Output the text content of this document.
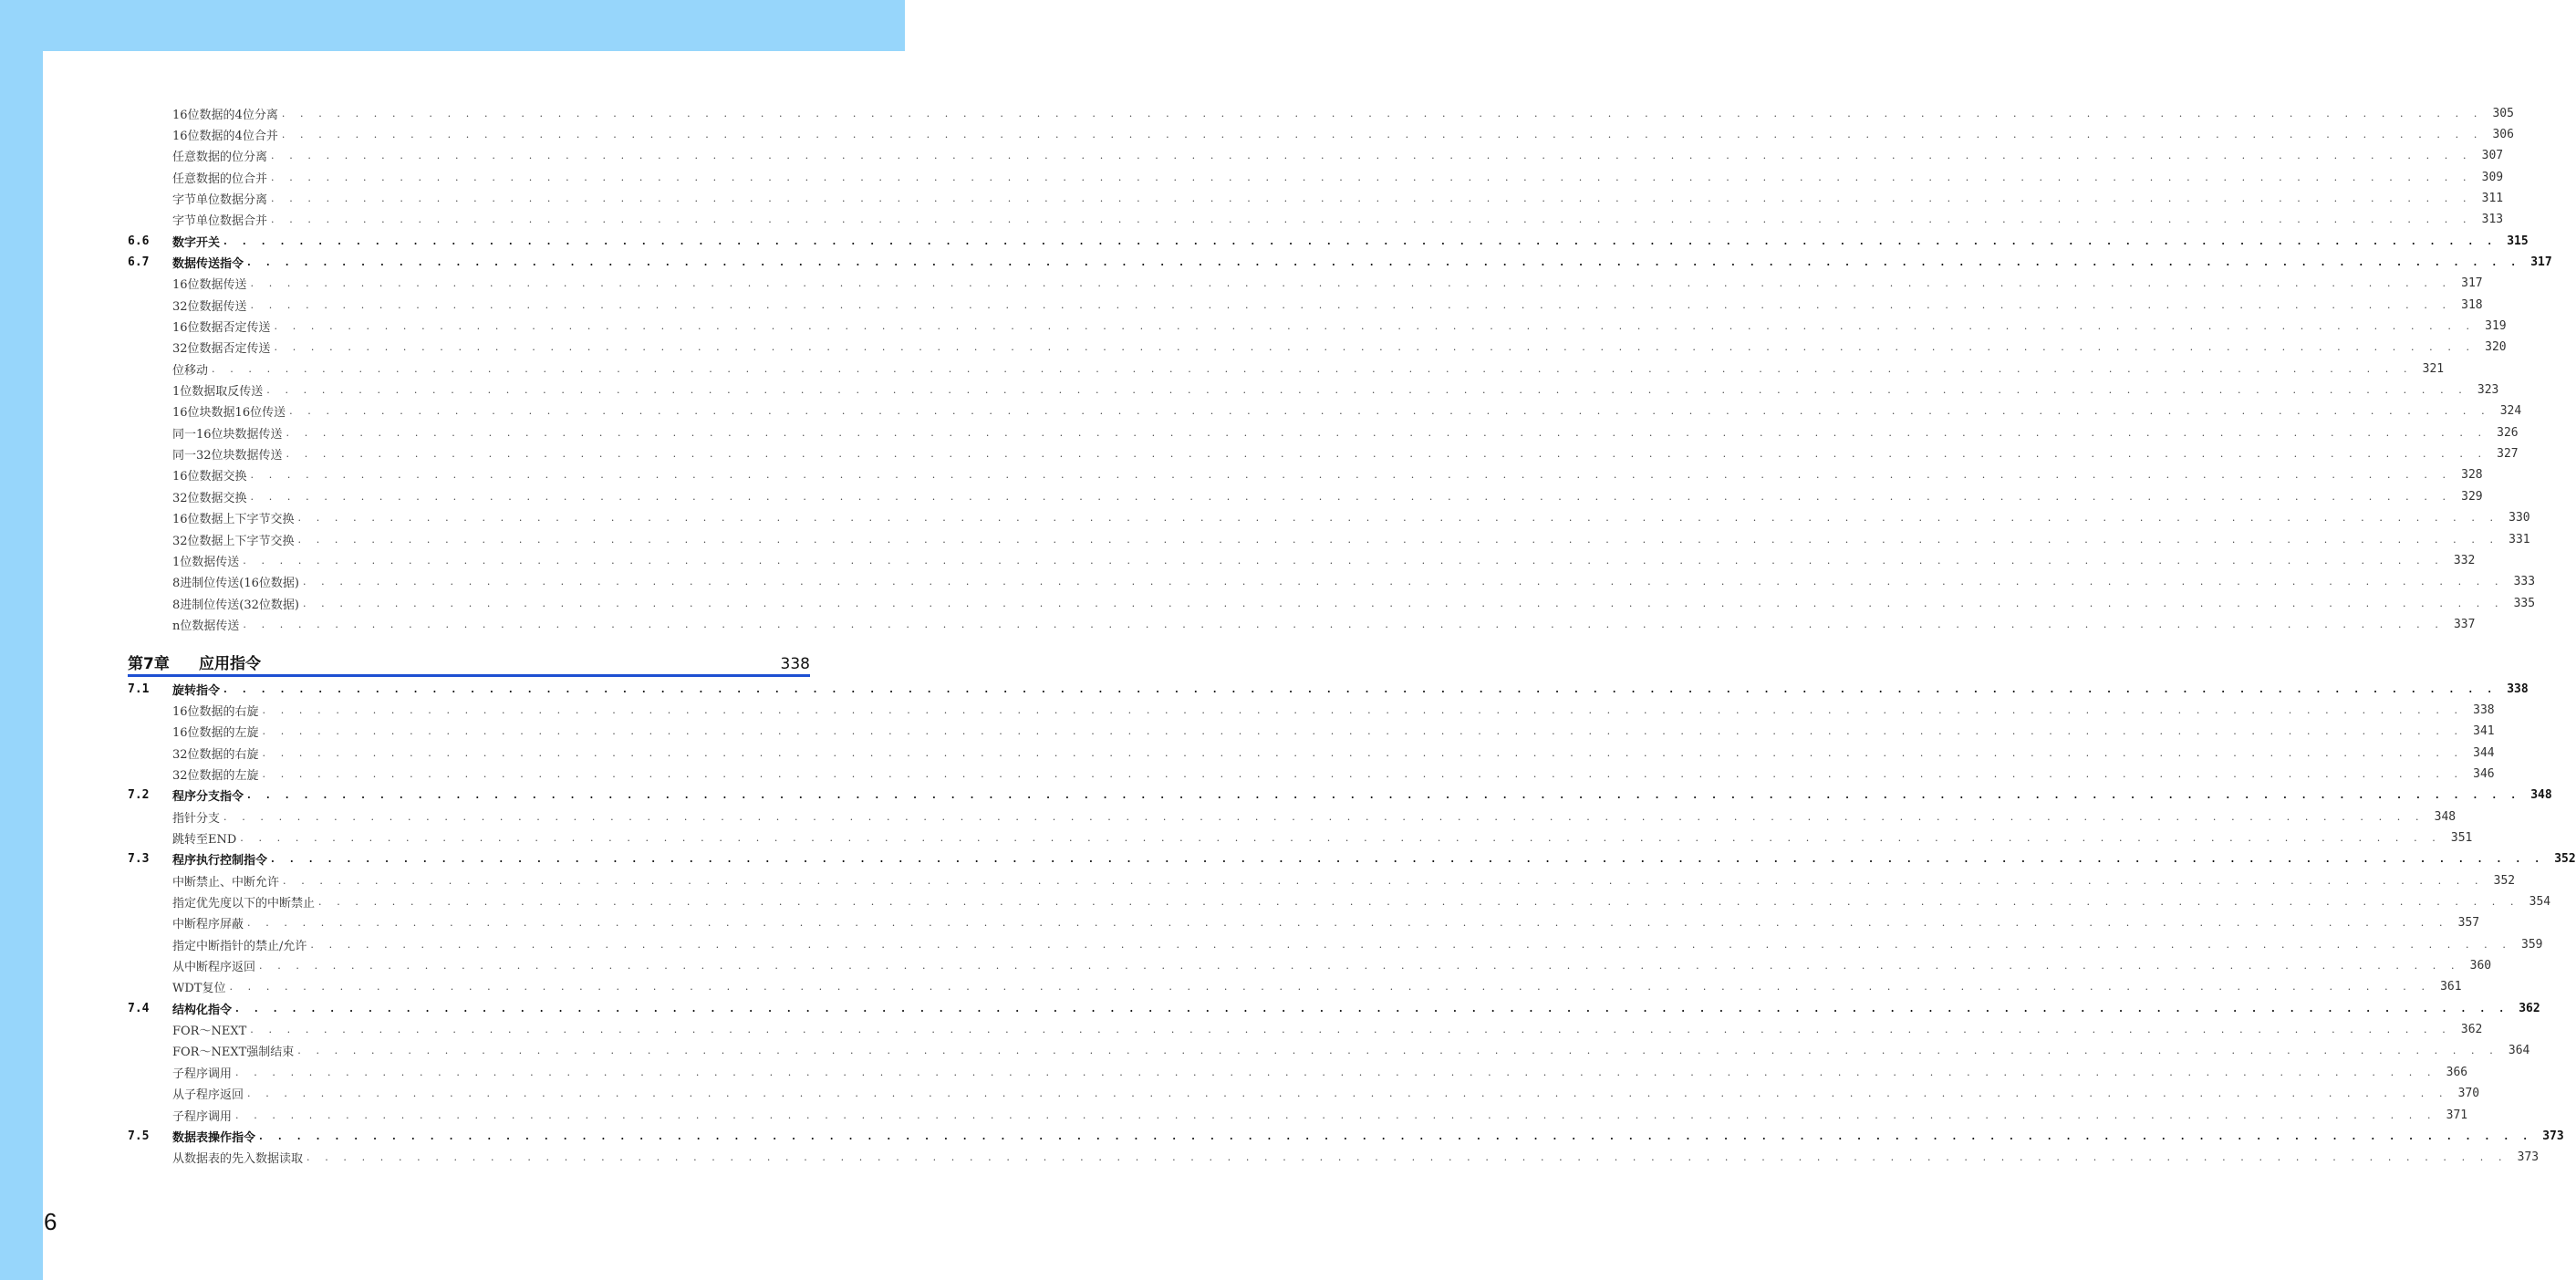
16位数据的4位分离 . . . . . . . . . . . . . . . . . . . . . . . . . . . . . . . . . . . . . . . . . . . . . . . . . . . . . . . . . . . . . . . . . . . . . . . . . . . . . . . . . . . . . . . . . . . . . . . . . . . . . . . . . . . . . . . . . . . . . . . . 305
16位数据的4位合并 . . . . . . . . . . . . . . . . . . . . . . . . . . . . . . . . . . . . . . . . . . . . . . . . . . . . . . . . . . . . . . . . . . . . . . . . . . . . . . . . . . . . . . . . . . . . . . . . . . . . . . . . . . . . . . . . . . . . . . . . 306
任意数据的位分离 . . . . . . . . . . . . . . . . . . . . . . . . . . . . . . . . . . . . . . . . . . . . . . . . . . . . . . . . . . . . . . . . . . . . . . . . . . . . . . . . . . . . . . . . . . . . . . . . . . . . . . . . . . . . . . . . . . . . . . . . 307
任意数据的位合并 . . . . . . . . . . . . . . . . . . . . . . . . . . . . . . . . . . . . . . . . . . . . . . . . . . . . . . . . . . . . . . . . . . . . . . . . . . . . . . . . . . . . . . . . . . . . . . . . . . . . . . . . . . . . . . . . . . . . . . . . 309
字节单位数据分离 . . . . . . . . . . . . . . . . . . . . . . . . . . . . . . . . . . . . . . . . . . . . . . . . . . . . . . . . . . . . . . . . . . . . . . . . . . . . . . . . . . . . . . . . . . . . . . . . . . . . . . . . . . . . . . . . . . . . . . . . 311
字节单位数据合并 . . . . . . . . . . . . . . . . . . . . . . . . . . . . . . . . . . . . . . . . . . . . . . . . . . . . . . . . . . . . . . . . . . . . . . . . . . . . . . . . . . . . . . . . . . . . . . . . . . . . . . . . . . . . . . . . . . . . . . . . 313
6.6	数字开关 . . . . . . . . . . . . . . . . . . . . . . . . . . . . . . . . . . . . . . . . . . . . . . . . . . . . . . . . . . . . . . . . . . . . . . . . . . . . . . . . . . . . . . . . . . . . . . . . . . . . . . . . . . . . . . . . . . . . . . . . 315
6.7	数据传送指令 . . . . . . . . . . . . . . . . . . . . . . . . . . . . . . . . . . . . . . . . . . . . . . . . . . . . . . . . . . . . . . . . . . . . . . . . . . . . . . . . . . . . . . . . . . . . . . . . . . . . . . . . . . . . . . . . . . . . . . . . 317
16位数据传送 . . . . . . . . . . . . . . . . . . . . . . . . . . . . . . . . . . . . . . . . . . . . . . . . . . . . . . . . . . . . . . . . . . . . . . . . . . . . . . . . . . . . . . . . . . . . . . . . . . . . . . . . . . . . . . . . . . . . . . . . 317
32位数据传送 . . . . . . . . . . . . . . . . . . . . . . . . . . . . . . . . . . . . . . . . . . . . . . . . . . . . . . . . . . . . . . . . . . . . . . . . . . . . . . . . . . . . . . . . . . . . . . . . . . . . . . . . . . . . . . . . . . . . . . . . 318
16位数据否定传送 . . . . . . . . . . . . . . . . . . . . . . . . . . . . . . . . . . . . . . . . . . . . . . . . . . . . . . . . . . . . . . . . . . . . . . . . . . . . . . . . . . . . . . . . . . . . . . . . . . . . . . . . . . . . . . . . . . . . . . . . 319
32位数据否定传送 . . . . . . . . . . . . . . . . . . . . . . . . . . . . . . . . . . . . . . . . . . . . . . . . . . . . . . . . . . . . . . . . . . . . . . . . . . . . . . . . . . . . . . . . . . . . . . . . . . . . . . . . . . . . . . . . . . . . . . . . 320
位移动 . . . . . . . . . . . . . . . . . . . . . . . . . . . . . . . . . . . . . . . . . . . . . . . . . . . . . . . . . . . . . . . . . . . . . . . . . . . . . . . . . . . . . . . . . . . . . . . . . . . . . . . . . . . . . . . . . . . . . . . . 321
1位数据取反传送 . . . . . . . . . . . . . . . . . . . . . . . . . . . . . . . . . . . . . . . . . . . . . . . . . . . . . . . . . . . . . . . . . . . . . . . . . . . . . . . . . . . . . . . . . . . . . . . . . . . . . . . . . . . . . . . . . . . . . . . . 323
16位块数据16位传送 . . . . . . . . . . . . . . . . . . . . . . . . . . . . . . . . . . . . . . . . . . . . . . . . . . . . . . . . . . . . . . . . . . . . . . . . . . . . . . . . . . . . . . . . . . . . . . . . . . . . . . . . . . . . . . . . . . . . . . . . 324
同一16位块数据传送 . . . . . . . . . . . . . . . . . . . . . . . . . . . . . . . . . . . . . . . . . . . . . . . . . . . . . . . . . . . . . . . . . . . . . . . . . . . . . . . . . . . . . . . . . . . . . . . . . . . . . . . . . . . . . . . . . . . . . . . . 326
同一32位块数据传送 . . . . . . . . . . . . . . . . . . . . . . . . . . . . . . . . . . . . . . . . . . . . . . . . . . . . . . . . . . . . . . . . . . . . . . . . . . . . . . . . . . . . . . . . . . . . . . . . . . . . . . . . . . . . . . . . . . . . . . . . 327
16位数据交换 . . . . . . . . . . . . . . . . . . . . . . . . . . . . . . . . . . . . . . . . . . . . . . . . . . . . . . . . . . . . . . . . . . . . . . . . . . . . . . . . . . . . . . . . . . . . . . . . . . . . . . . . . . . . . . . . . . . . . . . . 328
32位数据交换 . . . . . . . . . . . . . . . . . . . . . . . . . . . . . . . . . . . . . . . . . . . . . . . . . . . . . . . . . . . . . . . . . . . . . . . . . . . . . . . . . . . . . . . . . . . . . . . . . . . . . . . . . . . . . . . . . . . . . . . . 329
16位数据上下字节交换 . . . . . . . . . . . . . . . . . . . . . . . . . . . . . . . . . . . . . . . . . . . . . . . . . . . . . . . . . . . . . . . . . . . . . . . . . . . . . . . . . . . . . . . . . . . . . . . . . . . . . . . . . . . . . . . . . . . . . . . . 330
32位数据上下字节交换 . . . . . . . . . . . . . . . . . . . . . . . . . . . . . . . . . . . . . . . . . . . . . . . . . . . . . . . . . . . . . . . . . . . . . . . . . . . . . . . . . . . . . . . . . . . . . . . . . . . . . . . . . . . . . . . . . . . . . . . . 331
1位数据传送 . . . . . . . . . . . . . . . . . . . . . . . . . . . . . . . . . . . . . . . . . . . . . . . . . . . . . . . . . . . . . . . . . . . . . . . . . . . . . . . . . . . . . . . . . . . . . . . . . . . . . . . . . . . . . . . . . . . . . . . . 332
8进制位传送(16位数据) . . . . . . . . . . . . . . . . . . . . . . . . . . . . . . . . . . . . . . . . . . . . . . . . . . . . . . . . . . . . . . . . . . . . . . . . . . . . . . . . . . . . . . . . . . . . . . . . . . . . . . . . . . . . . . . . . . . . . . . . 333
8进制位传送(32位数据) . . . . . . . . . . . . . . . . . . . . . . . . . . . . . . . . . . . . . . . . . . . . . . . . . . . . . . . . . . . . . . . . . . . . . . . . . . . . . . . . . . . . . . . . . . . . . . . . . . . . . . . . . . . . . . . . . . . . . . . . 335
n位数据传送 . . . . . . . . . . . . . . . . . . . . . . . . . . . . . . . . . . . . . . . . . . . . . . . . . . . . . . . . . . . . . . . . . . . . . . . . . . . . . . . . . . . . . . . . . . . . . . . . . . . . . . . . . . . . . . . . . . . . . . . . 337
第7章	应用指令	338
7.1	旋转指令 . . . . . . . . . . . . . . . . . . . . . . . . . . . . . . . . . . . . . . . . . . . . . . . . . . . . . . . . . . . . . . . . . . . . . . . . . . . . . . . . . . . . . . . . . . . . . . . . . . . . . . . . . . . . . . . . . . . . . . . . 338
16位数据的右旋 . . . . . . . . . . . . . . . . . . . . . . . . . . . . . . . . . . . . . . . . . . . . . . . . . . . . . . . . . . . . . . . . . . . . . . . . . . . . . . . . . . . . . . . . . . . . . . . . . . . . . . . . . . . . . . . . . . . . . . . . 338
16位数据的左旋 . . . . . . . . . . . . . . . . . . . . . . . . . . . . . . . . . . . . . . . . . . . . . . . . . . . . . . . . . . . . . . . . . . . . . . . . . . . . . . . . . . . . . . . . . . . . . . . . . . . . . . . . . . . . . . . . . . . . . . . . 341
32位数据的右旋 . . . . . . . . . . . . . . . . . . . . . . . . . . . . . . . . . . . . . . . . . . . . . . . . . . . . . . . . . . . . . . . . . . . . . . . . . . . . . . . . . . . . . . . . . . . . . . . . . . . . . . . . . . . . . . . . . . . . . . . . 344
32位数据的左旋 . . . . . . . . . . . . . . . . . . . . . . . . . . . . . . . . . . . . . . . . . . . . . . . . . . . . . . . . . . . . . . . . . . . . . . . . . . . . . . . . . . . . . . . . . . . . . . . . . . . . . . . . . . . . . . . . . . . . . . . . 346
7.2	程序分支指令 . . . . . . . . . . . . . . . . . . . . . . . . . . . . . . . . . . . . . . . . . . . . . . . . . . . . . . . . . . . . . . . . . . . . . . . . . . . . . . . . . . . . . . . . . . . . . . . . . . . . . . . . . . . . . . . . . . . . . . . . 348
指针分支 . . . . . . . . . . . . . . . . . . . . . . . . . . . . . . . . . . . . . . . . . . . . . . . . . . . . . . . . . . . . . . . . . . . . . . . . . . . . . . . . . . . . . . . . . . . . . . . . . . . . . . . . . . . . . . . . . . . . . . . . 348
跳转至END . . . . . . . . . . . . . . . . . . . . . . . . . . . . . . . . . . . . . . . . . . . . . . . . . . . . . . . . . . . . . . . . . . . . . . . . . . . . . . . . . . . . . . . . . . . . . . . . . . . . . . . . . . . . . . . . . . . . . . . . 351
7.3	程序执行控制指令 . . . . . . . . . . . . . . . . . . . . . . . . . . . . . . . . . . . . . . . . . . . . . . . . . . . . . . . . . . . . . . . . . . . . . . . . . . . . . . . . . . . . . . . . . . . . . . . . . . . . . . . . . . . . . . . . . . . . . . . . 352
中断禁止、中断允许 . . . . . . . . . . . . . . . . . . . . . . . . . . . . . . . . . . . . . . . . . . . . . . . . . . . . . . . . . . . . . . . . . . . . . . . . . . . . . . . . . . . . . . . . . . . . . . . . . . . . . . . . . . . . . . . . . . . . . . . . 352
指定优先度以下的中断禁止 . . . . . . . . . . . . . . . . . . . . . . . . . . . . . . . . . . . . . . . . . . . . . . . . . . . . . . . . . . . . . . . . . . . . . . . . . . . . . . . . . . . . . . . . . . . . . . . . . . . . . . . . . . . . . . . . . . . . . . . . 354
中断程序屏蔽 . . . . . . . . . . . . . . . . . . . . . . . . . . . . . . . . . . . . . . . . . . . . . . . . . . . . . . . . . . . . . . . . . . . . . . . . . . . . . . . . . . . . . . . . . . . . . . . . . . . . . . . . . . . . . . . . . . . . . . . . 357
指定中断指针的禁止/允许 . . . . . . . . . . . . . . . . . . . . . . . . . . . . . . . . . . . . . . . . . . . . . . . . . . . . . . . . . . . . . . . . . . . . . . . . . . . . . . . . . . . . . . . . . . . . . . . . . . . . . . . . . . . . . . . . . . . . . . . . 359
从中断程序返回 . . . . . . . . . . . . . . . . . . . . . . . . . . . . . . . . . . . . . . . . . . . . . . . . . . . . . . . . . . . . . . . . . . . . . . . . . . . . . . . . . . . . . . . . . . . . . . . . . . . . . . . . . . . . . . . . . . . . . . . . 360
WDT复位 . . . . . . . . . . . . . . . . . . . . . . . . . . . . . . . . . . . . . . . . . . . . . . . . . . . . . . . . . . . . . . . . . . . . . . . . . . . . . . . . . . . . . . . . . . . . . . . . . . . . . . . . . . . . . . . . . . . . . . . . 361
7.4	结构化指令 . . . . . . . . . . . . . . . . . . . . . . . . . . . . . . . . . . . . . . . . . . . . . . . . . . . . . . . . . . . . . . . . . . . . . . . . . . . . . . . . . . . . . . . . . . . . . . . . . . . . . . . . . . . . . . . . . . . . . . . . 362
FOR～NEXT . . . . . . . . . . . . . . . . . . . . . . . . . . . . . . . . . . . . . . . . . . . . . . . . . . . . . . . . . . . . . . . . . . . . . . . . . . . . . . . . . . . . . . . . . . . . . . . . . . . . . . . . . . . . . . . . . . . . . . . . 362
FOR～NEXT强制结束 . . . . . . . . . . . . . . . . . . . . . . . . . . . . . . . . . . . . . . . . . . . . . . . . . . . . . . . . . . . . . . . . . . . . . . . . . . . . . . . . . . . . . . . . . . . . . . . . . . . . . . . . . . . . . . . . . . . . . . . . 364
子程序调用 . . . . . . . . . . . . . . . . . . . . . . . . . . . . . . . . . . . . . . . . . . . . . . . . . . . . . . . . . . . . . . . . . . . . . . . . . . . . . . . . . . . . . . . . . . . . . . . . . . . . . . . . . . . . . . . . . . . . . . . . 366
从子程序返回 . . . . . . . . . . . . . . . . . . . . . . . . . . . . . . . . . . . . . . . . . . . . . . . . . . . . . . . . . . . . . . . . . . . . . . . . . . . . . . . . . . . . . . . . . . . . . . . . . . . . . . . . . . . . . . . . . . . . . . . . 370
子程序调用 . . . . . . . . . . . . . . . . . . . . . . . . . . . . . . . . . . . . . . . . . . . . . . . . . . . . . . . . . . . . . . . . . . . . . . . . . . . . . . . . . . . . . . . . . . . . . . . . . . . . . . . . . . . . . . . . . . . . . . . . 371
7.5	数据表操作指令 . . . . . . . . . . . . . . . . . . . . . . . . . . . . . . . . . . . . . . . . . . . . . . . . . . . . . . . . . . . . . . . . . . . . . . . . . . . . . . . . . . . . . . . . . . . . . . . . . . . . . . . . . . . . . . . . . . . . . . . . 373
从数据表的先入数据读取 . . . . . . . . . . . . . . . . . . . . . . . . . . . . . . . . . . . . . . . . . . . . . . . . . . . . . . . . . . . . . . . . . . . . . . . . . . . . . . . . . . . . . . . . . . . . . . . . . . . . . . . . . . . . . . . . . . . . . . . . 373
6
